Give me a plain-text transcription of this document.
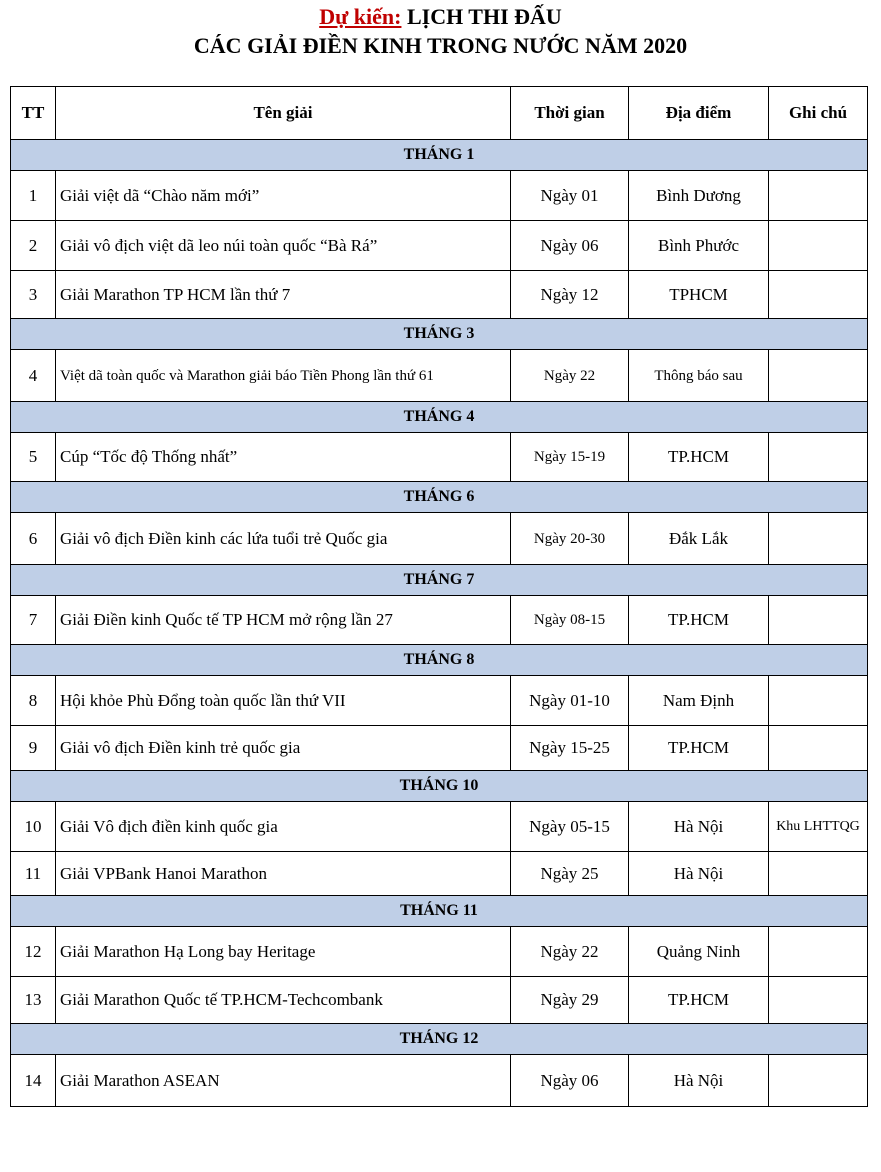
Dự kiến: LỊCH THI ĐẤU
CÁC GIẢI ĐIỀN KINH TRONG NƯỚC NĂM 2020
TT	Tên giải	Thời gian	Địa điểm	Ghi chú
THÁNG 1				
1	Giải việt dã “Chào năm mới”	Ngày 01	Bình Dương	
2	Giải vô địch việt dã leo núi toàn quốc “Bà Rá”	Ngày 06	Bình Phước	
3	Giải Marathon TP HCM lần thứ 7	Ngày 12	TPHCM	
THÁNG 3				
4	Việt dã toàn quốc và Marathon giải báo Tiền Phong lần thứ 61	Ngày 22	Thông báo sau	
THÁNG 4				
5	Cúp “Tốc độ Thống nhất”	Ngày 15-19	TP.HCM	
THÁNG 6				
6	Giải vô địch Điền kinh các lứa tuổi trẻ Quốc gia	Ngày 20-30	Đắk Lắk	
THÁNG 7				
7	Giải Điền kinh Quốc tế TP HCM mở rộng lần 27	Ngày 08-15	TP.HCM	
THÁNG 8				
8	Hội khỏe Phù Đổng toàn quốc lần thứ VII	Ngày 01-10	Nam Định	
9	Giải vô địch Điền kinh trẻ quốc gia	Ngày 15-25	TP.HCM	
THÁNG 10				
10	Giải Vô địch điền kinh quốc gia	Ngày 05-15	Hà Nội	Khu LHTTQG
11	Giải VPBank Hanoi Marathon	Ngày 25	Hà Nội	
THÁNG 11				
12	Giải Marathon Hạ Long bay Heritage	Ngày 22	Quảng Ninh	
13	Giải Marathon Quốc tế TP.HCM-Techcombank	Ngày 29	TP.HCM	
THÁNG 12				
14	Giải Marathon ASEAN	Ngày 06	Hà Nội	
